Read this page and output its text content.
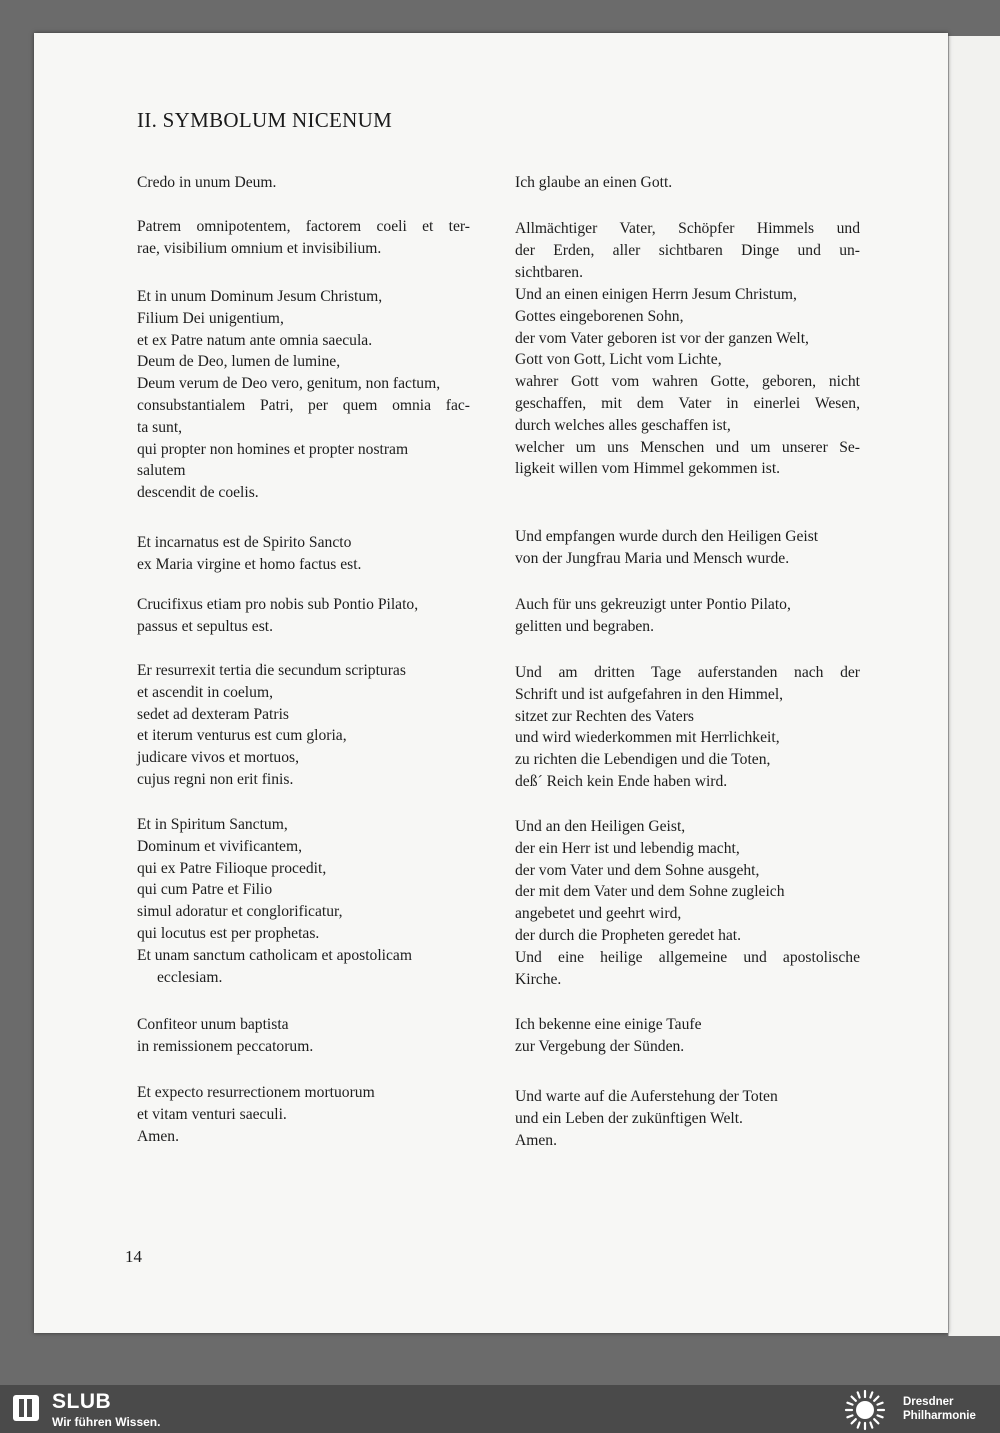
II. SYMBOLUM NICENUM
Credo in unum Deum.
Patrem omnipotentem, factorem coeli et ter-
rae, visibilium omnium et invisibilium.
Et in unum Dominum Jesum Christum,
Filium Dei unigentium,
et ex Patre natum ante omnia saecula.
Deum de Deo, lumen de lumine,
Deum verum de Deo vero, genitum, non factum,
consubstantialem Patri, per quem omnia fac-
ta sunt,
qui propter non homines et propter nostram
salutem
descendit de coelis.
Et incarnatus est de Spirito Sancto
ex Maria virgine et homo factus est.
Crucifixus etiam pro nobis sub Pontio Pilato,
passus et sepultus est.
Er resurrexit tertia die secundum scripturas
et ascendit in coelum,
sedet ad dexteram Patris
et iterum venturus est cum gloria,
judicare vivos et mortuos,
cujus regni non erit finis.
Et in Spiritum Sanctum,
Dominum et vivificantem,
qui ex Patre Filioque procedit,
qui cum Patre et Filio
simul adoratur et conglorificatur,
qui locutus est per prophetas.
Et unam sanctum catholicam et apostolicam
ecclesiam.
Confiteor unum baptista
in remissionem peccatorum.
Et expecto resurrectionem mortuorum
et vitam venturi saeculi.
Amen.
Ich glaube an einen Gott.
Allmächtiger Vater, Schöpfer Himmels und
der Erden, aller sichtbaren Dinge und un-
sichtbaren.
Und an einen einigen Herrn Jesum Christum,
Gottes eingeborenen Sohn,
der vom Vater geboren ist vor der ganzen Welt,
Gott von Gott, Licht vom Lichte,
wahrer Gott vom wahren Gotte, geboren, nicht
geschaffen, mit dem Vater in einerlei Wesen,
durch welches alles geschaffen ist,
welcher um uns Menschen und um unserer Se-
ligkeit willen vom Himmel gekommen ist.
Und empfangen wurde durch den Heiligen Geist
von der Jungfrau Maria und Mensch wurde.
Auch für uns gekreuzigt unter Pontio Pilato,
gelitten und begraben.
Und am dritten Tage auferstanden nach der
Schrift und ist aufgefahren in den Himmel,
sitzet zur Rechten des Vaters
und wird wiederkommen mit Herrlichkeit,
zu richten die Lebendigen und die Toten,
deß´ Reich kein Ende haben wird.
Und an den Heiligen Geist,
der ein Herr ist und lebendig macht,
der vom Vater und dem Sohne ausgeht,
der mit dem Vater und dem Sohne zugleich
angebetet und geehrt wird,
der durch die Propheten geredet hat.
Und eine heilige allgemeine und apostolische
Kirche.
Ich bekenne eine einige Taufe
zur Vergebung der Sünden.
Und warte auf die Auferstehung der Toten
und ein Leben der zukünftigen Welt.
Amen.
14
SLUB
Wir führen Wissen.
Dresdner
Philharmonie
